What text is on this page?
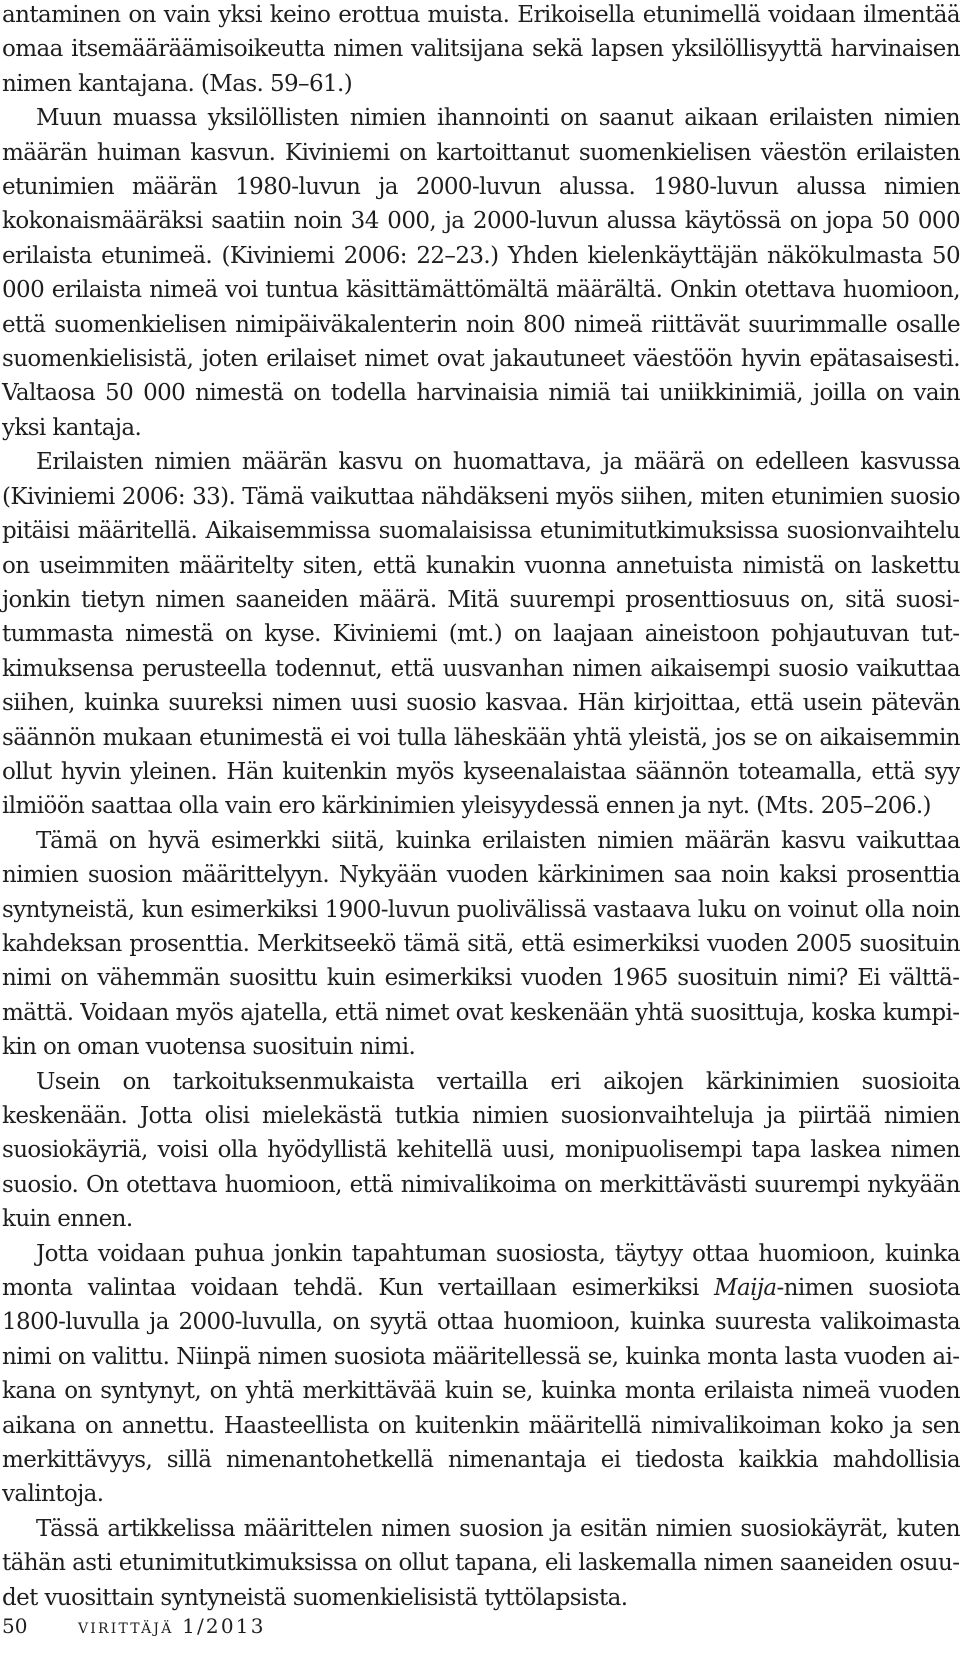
antaminen on vain yksi keino erottua muista. Erikoisella etunimellä voidaan ilmentää omaa itsemääräämisoikeutta nimen valitsijana sekä lapsen yksilöllisyyttä harvinaisen nimen kantajana. (Mas. 59–61.)

Muun muassa yksilöllisten nimien ihannointi on saanut aikaan erilaisten nimien määrän huiman kasvun. Kiviniemi on kartoittanut suomenkielisen väestön erilaisten etunimien määrän 1980-luvun ja 2000-luvun alussa. 1980-luvun alussa nimien kokonaismääräksi saatiin noin 34 000, ja 2000-luvun alussa käytössä on jopa 50 000 erilaista etunimeä. (Kiviniemi 2006: 22–23.) Yhden kielenkäyttäjän näkökulmasta 50 000 erilaista nimeä voi tuntua käsittämättömältä määrältä. Onkin otettava huomioon, että suomenkielisen nimipäiväkalenterin noin 800 nimeä riittävät suurimmalle osalle suomenkielisistä, joten erilaiset nimet ovat jakautuneet väestöön hyvin epätasaisesti. Valtaosa 50 000 nimestä on todella harvinaisia nimiä tai uniikkinimiä, joilla on vain yksi kantaja.

Erilaisten nimien määrän kasvu on huomattava, ja määrä on edelleen kasvussa (Kiviniemi 2006: 33). Tämä vaikuttaa nähdäkseni myös siihen, miten etunimien suosio pitäisi määritellä. Aikaisemmissa suomalaisissa etunimitutkimuksissa suosionvaihtelu on useimmiten määritelty siten, että kunakin vuonna annetuista nimistä on laskettu jonkin tietyn nimen saaneiden määrä. Mitä suurempi prosenttiosuus on, sitä suositummasta nimestä on kyse. Kiviniemi (mt.) on laajaan aineistoon pohjautuvan tutkimuksensa perusteella todennut, että uusvanhan nimen aikaisempi suosio vaikuttaa siihen, kuinka suureksi nimen uusi suosio kasvaa. Hän kirjoittaa, että usein pätevän säännön mukaan etunimestä ei voi tulla läheskään yhtä yleistä, jos se on aikaisemmin ollut hyvin yleinen. Hän kuitenkin myös kyseenalaistaa säännön toteamalla, että syy ilmiöön saattaa olla vain ero kärkinimien yleisyydessä ennen ja nyt. (Mts. 205–206.)

Tämä on hyvä esimerkki siitä, kuinka erilaisten nimien määrän kasvu vaikuttaa nimien suosion määrittelyyn. Nykyään vuoden kärkinimen saa noin kaksi prosenttia syntyneistä, kun esimerkiksi 1900-luvun puolivälissä vastaava luku on voinut olla noin kahdeksan prosenttia. Merkitseekö tämä sitä, että esimerkiksi vuoden 2005 suosituin nimi on vähemmän suosittu kuin esimerkiksi vuoden 1965 suosituin nimi? Ei välttämättä. Voidaan myös ajatella, että nimet ovat keskenään yhtä suosittuja, koska kumpikin on oman vuotensa suosituin nimi.

Usein on tarkoituksenmukaista vertailla eri aikojen kärkinimien suosioita keskenään. Jotta olisi mielekästä tutkia nimien suosionvaihteluja ja piirtää nimien suosiokäyriä, voisi olla hyödyllistä kehitellä uusi, monipuolisempi tapa laskea nimen suosio. On otettava huomioon, että nimivalikoima on merkittävästi suurempi nykyään kuin ennen.

Jotta voidaan puhua jonkin tapahtuman suosiosta, täytyy ottaa huomioon, kuinka monta valintaa voidaan tehdä. Kun vertaillaan esimerkiksi Maija-nimen suosiota 1800-luvulla ja 2000-luvulla, on syytä ottaa huomioon, kuinka suuresta valikoimasta nimi on valittu. Niinpä nimen suosiota määritellessä se, kuinka monta lasta vuoden aikana on syntynyt, on yhtä merkittävää kuin se, kuinka monta erilaista nimeä vuoden aikana on annettu. Haasteellista on kuitenkin määritellä nimivalikoiman koko ja sen merkittävyys, sillä nimenantohetkellä nimenantaja ei tiedosta kaikkia mahdollisia valintoja.

Tässä artikkelissa määrittelen nimen suosion ja esitän nimien suosiokäyrät, kuten tähän asti etunimitutkimuksissa on ollut tapana, eli laskemalla nimen saaneiden osuudet vuosittain syntyneistä suomenkielisistä tyttölapsista.

50	virittäjä 1/2013
